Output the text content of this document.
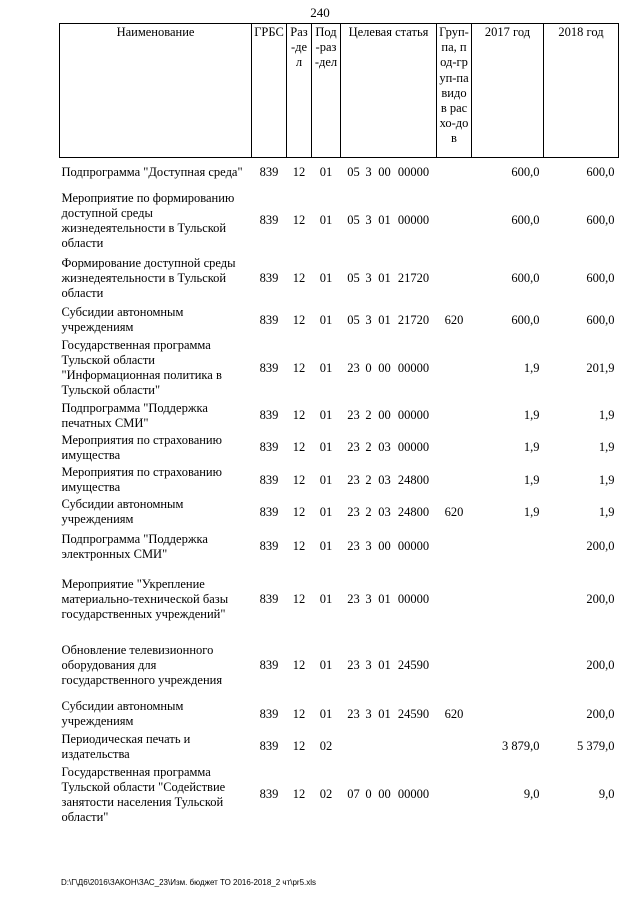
240
Наименование	ГРБС	Раз-дел	Под-раз-дел	Целевая статья	Груп-па, под-груп-па видов расхо-дов	2017 год	2018 год
Подпрограмма "Доступная среда"	839	12	01	05 3 00 00000		600,0	600,0
Мероприятие по формированию доступной среды жизнедеятельности в Тульской области	839	12	01	05 3 01 00000		600,0	600,0
Формирование доступной среды жизнедеятельности в Тульской области	839	12	01	05 3 01 21720		600,0	600,0
Субсидии автономным учреждениям	839	12	01	05 3 01 21720	620	600,0	600,0
Государственная программа Тульской области "Информационная политика в Тульской области"	839	12	01	23 0 00 00000		1,9	201,9
Подпрограмма "Поддержка печатных СМИ"	839	12	01	23 2 00 00000		1,9	1,9
Мероприятия по страхованию имущества	839	12	01	23 2 03 00000		1,9	1,9
Мероприятия по страхованию имущества	839	12	01	23 2 03 24800		1,9	1,9
Субсидии автономным учреждениям	839	12	01	23 2 03 24800	620	1,9	1,9
Подпрограмма "Поддержка электронных СМИ"	839	12	01	23 3 00 00000			200,0
Мероприятие "Укрепление материально-технической базы государственных учреждений"	839	12	01	23 3 01 00000			200,0
Обновление телевизионного оборудования для государственного учреждения	839	12	01	23 3 01 24590			200,0
Субсидии автономным учреждениям	839	12	01	23 3 01 24590	620		200,0
Периодическая печать и издательства	839	12	02			3 879,0	5 379,0
Государственная программа Тульской области "Содействие занятости населения Тульской области"	839	12	02	07 0 00 00000		9,0	9,0
D:\Г\Д6\2016\ЗАКОН\ЗАС_23\Изм. бюджет ТО 2016-2018_2 чт\pr5.xls
